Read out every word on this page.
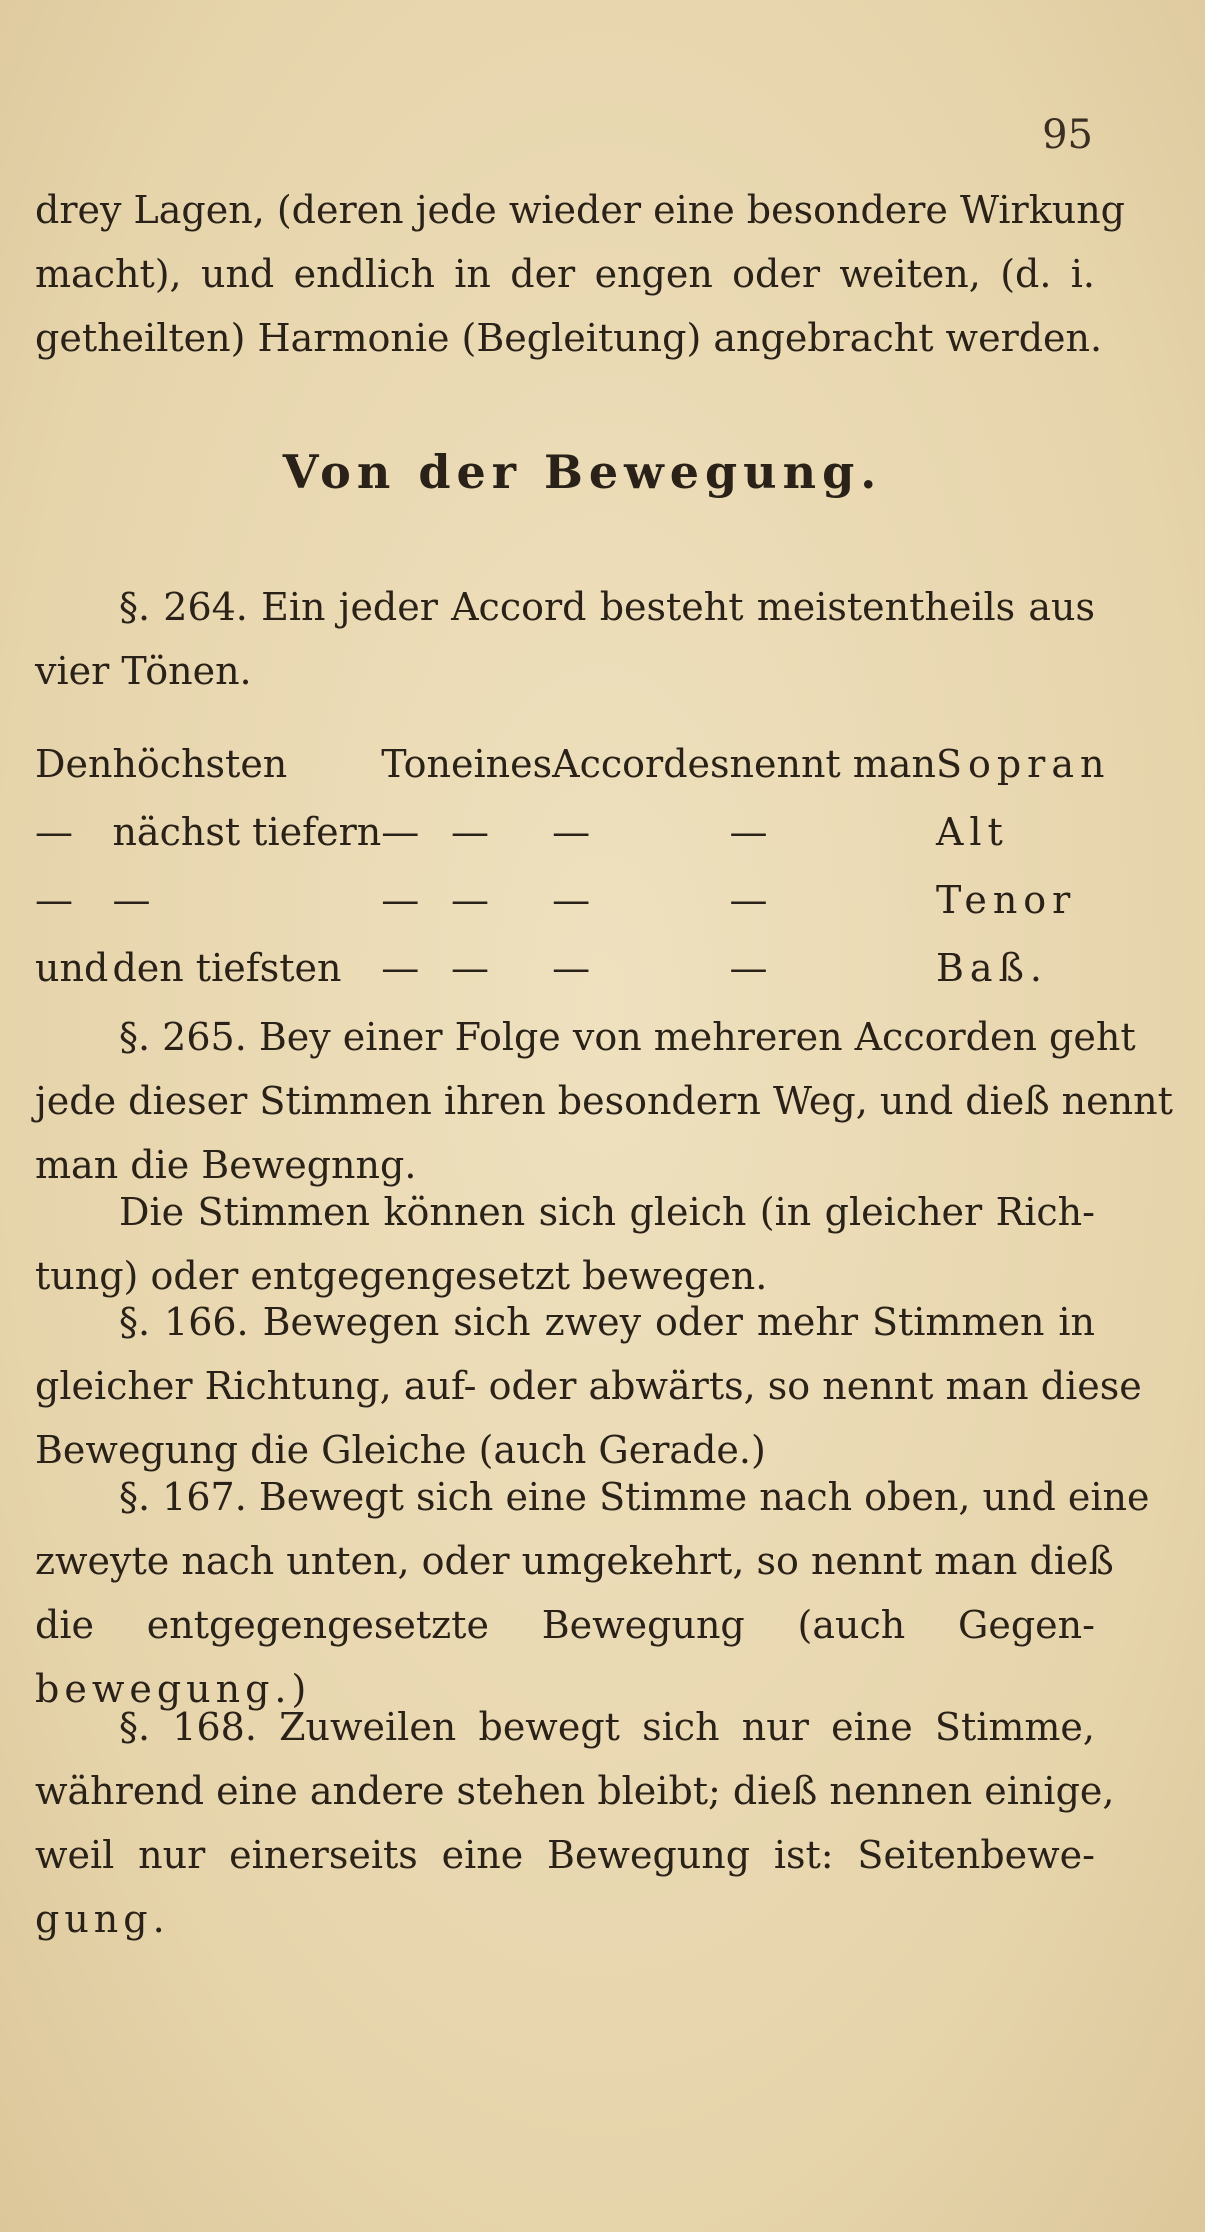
95
drey Lagen, (deren jede wieder eine besondere Wirkung
macht), und endlich in der engen oder weiten, (d. i.
getheilten) Harmonie (Begleitung) angebracht werden.
Von der Bewegung.
§. 264. Ein jeder Accord besteht meistentheils aus
vier Tönen.
Den	höchsten	Ton	eines	Accordes	nennt man	Sopran
—	nächst tiefern	—	—	—	—	Alt
—	—	—	—	—	—	Tenor
und	den tiefsten	—	—	—	—	Baß.
§. 265. Bey einer Folge von mehreren Accorden geht
jede dieser Stimmen ihren besondern Weg, und dieß nennt
man die Bewegnng.
Die Stimmen können sich gleich (in gleicher Rich-
tung) oder entgegengesetzt bewegen.
§. 166. Bewegen sich zwey oder mehr Stimmen in
gleicher Richtung, auf- oder abwärts, so nennt man diese
Bewegung die Gleiche (auch Gerade.)
§. 167. Bewegt sich eine Stimme nach oben, und eine
zweyte nach unten, oder umgekehrt, so nennt man dieß
die entgegengesetzte Bewegung (auch Gegen-
bewegung.)
§. 168. Zuweilen bewegt sich nur eine Stimme,
während eine andere stehen bleibt; dieß nennen einige,
weil nur einerseits eine Bewegung ist: Seitenbewe-
gung.
